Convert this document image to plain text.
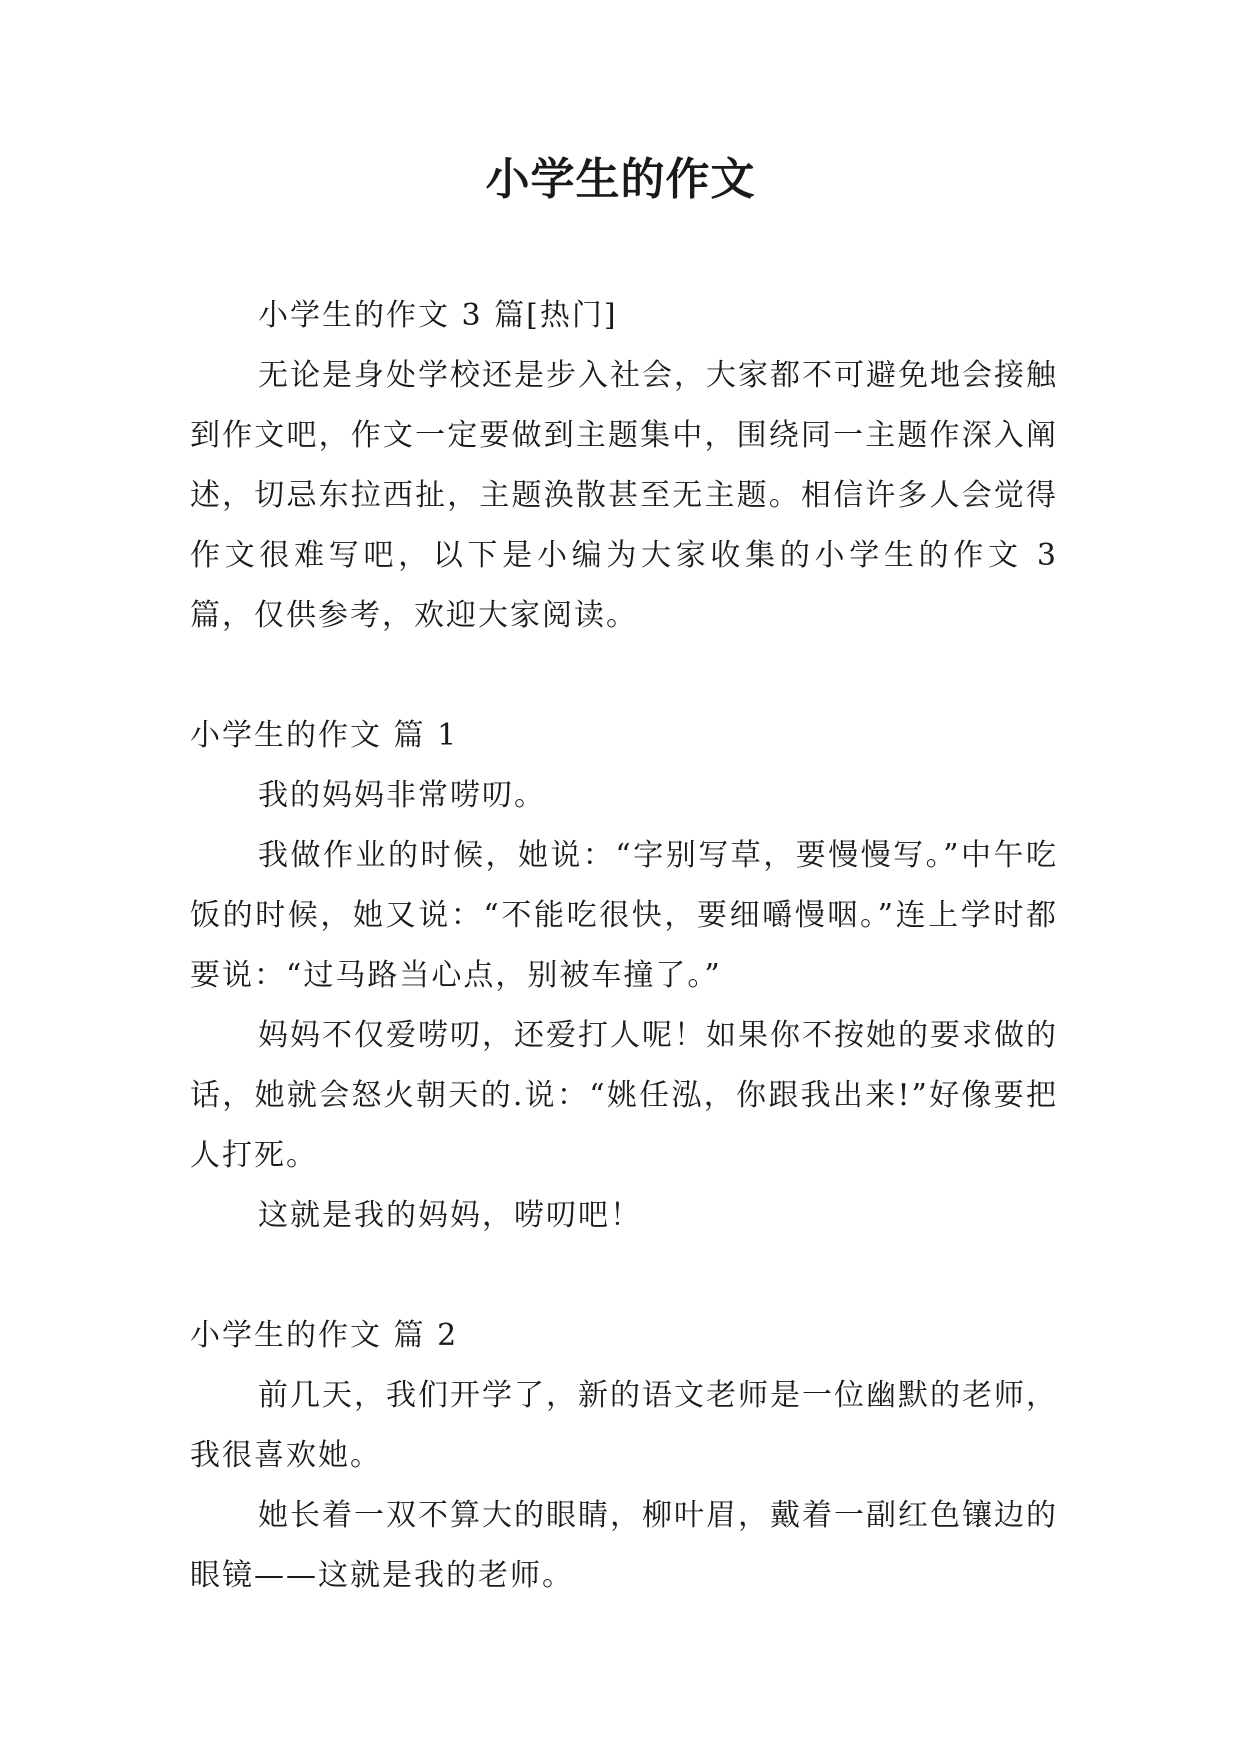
小学生的作文

小学生的作文 3 篇[热门]

无论是身处学校还是步入社会，大家都不可避免地会接触到作文吧，作文一定要做到主题集中，围绕同一主题作深入阐述，切忌东拉西扯，主题涣散甚至无主题。相信许多人会觉得作文很难写吧，以下是小编为大家收集的小学生的作文 3 篇，仅供参考，欢迎大家阅读。

小学生的作文 篇 1

我的妈妈非常唠叨。

我做作业的时候，她说：“字别写草，要慢慢写。”中午吃饭的时候，她又说：“不能吃很快，要细嚼慢咽。”连上学时都要说：“过马路当心点，别被车撞了。”

妈妈不仅爱唠叨，还爱打人呢！如果你不按她的要求做的话，她就会怒火朝天的.说：“姚任泓，你跟我出来!”好像要把人打死。

这就是我的妈妈，唠叨吧！

小学生的作文 篇 2

前几天，我们开学了，新的语文老师是一位幽默的老师，我很喜欢她。

她长着一双不算大的眼睛，柳叶眉，戴着一副红色镶边的眼镜——这就是我的老师。
